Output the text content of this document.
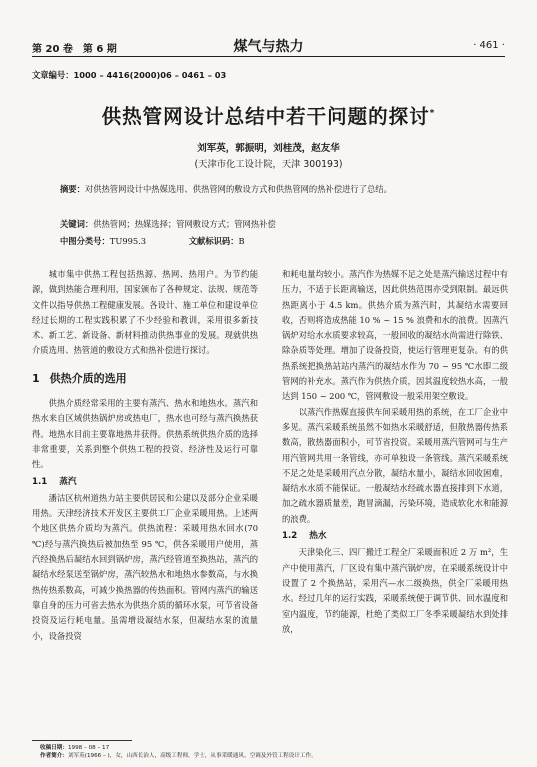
第 20 卷　第 6 期	煤气与热力	· 461 ·
文章编号：1000 – 4416(2000)06 – 0461 – 03
供热管网设计总结中若干问题的探讨*
刘军英，郭振明，刘桂茂，赵友华
(天津市化工设计院，天津 300193)
摘要：对供热管网设计中热媒选用、供热管网的敷设方式和供热管网的热补偿进行了总结。
关键词：供热管网；热媒选择；管网敷设方式；管网热补偿
中图分类号：TU995.3	文献标识码：B

城市集中供热工程包括热源、热网、热用户。为节约能源，做到热能合理利用，国家颁布了各种规定、法规、规范等文件以指导供热工程健康发展。各设计、施工单位和建设单位经过长期的工程实践积累了不少经验和教训，采用很多新技术、新工艺、新设备、新材料推动供热事业的发展。现就供热介质选用、热管道的敷设方式和热补偿进行探讨。

1 供热介质的选用

供热介质经常采用的主要有蒸汽、热水和地热水。蒸汽和热水来自区域供热锅炉房或热电厂，热水也可经与蒸汽换热获得。地热水目前主要靠地热井获得。供热系统供热介质的选择非常重要，关系到整个供热工程的投资、经济性及运行可靠性。

1.1 蒸汽

潘沽区杭州道热力站主要供居民和公建以及部分企业采暖用热。天津经济技术开发区主要供工厂企业采暖用热。上述两个地区供热介质均为蒸汽。供热流程：采暖用热水回水(70 ℃)经与蒸汽换热后被加热至 95 ℃，供各采暖用户使用，蒸汽经换热后凝结水回到锅炉房，蒸汽经管道至换热站，蒸汽的凝结水经泵送至锅炉房，蒸汽较热水和地热水参数高，与水换热传热系数高，可减少换热器的传热面积。管网内蒸汽的输送靠自身的压力可省去热水为供热介质的循环水泵，可节省设备投资及运行耗电量。虽需增设凝结水泵，但凝结水泵的流量小，设备投资

和耗电量均较小。蒸汽作为热媒不足之处是蒸汽输送过程中有压力，不适于长距离输送，因此供热范围亦受到限制。最远供热距离小于 4.5 km。供热介质为蒸汽时，其凝结水需要回收，否则将造成热能 10 % ~ 15 % 浪费和水的浪费。因蒸汽锅炉对给水水质要求较高，一般回收的凝结水尚需进行除铁、除杂质等处理。增加了设备投资，使运行管理更复杂。有的供热系统把换热站站内蒸汽的凝结水作为 70 ~ 95 ℃水即二级管网的补充水。蒸汽作为供热介质，因其温度较热水高，一般达到 150 ~ 200 ℃，管网敷设一般采用架空敷设。

以蒸汽作热媒直接供车间采暖用热的系统，在工厂企业中多见。蒸汽采暖系统虽然不如热水采暖舒适，但散热器传热系数高，散热器面积小，可节省投资。采暖用蒸汽管网可与生产用汽管网共用一条管线，亦可单独设一条管线。蒸汽采暖系统不足之处是采暖用汽点分散，凝结水量小，凝结水回收困难，凝结水水质不能保证。一般凝结水经疏水器直接排到下水道，加之疏水器质量差，跑冒滴漏，污染环境，造成软化水和能源的浪费。

1.2 热水

天津染化三、四厂搬迁工程全厂采暖面积近 2 万 m²，生产中使用蒸汽，厂区设有集中蒸汽锅炉房，在采暖系统设计中设置了 2 个换热站，采用汽—水二级换热，供全厂采暖用热水。经过几年的运行实践，采暖系统便于调节供、回水温度和室内温度，节约能源，杜绝了类似工厂冬季采暖凝结水到处排放，

收稿日期：1998 – 08 – 17
作者简介：刘军英(1966 – )，女，山西长治人，高级工程师，学士，从事采暖通风、空调及外管工程设计工作。
